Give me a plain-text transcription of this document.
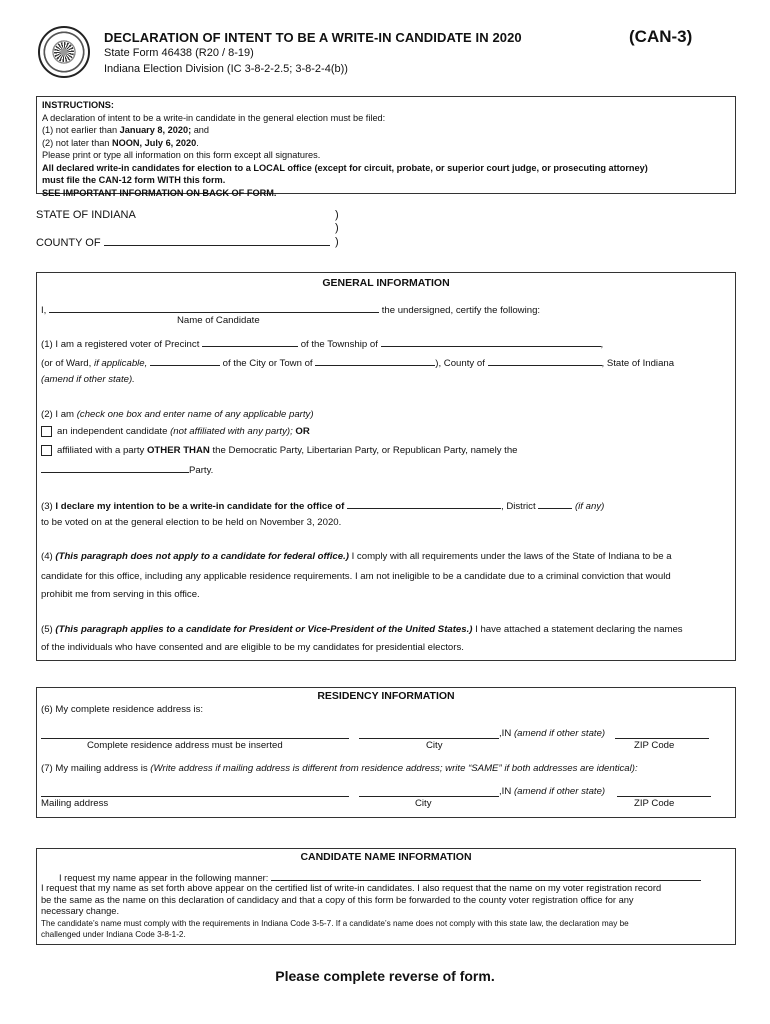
DECLARATION OF INTENT TO BE A WRITE-IN CANDIDATE IN 2020	(CAN-3)
State Form 46438 (R20 / 8-19)
Indiana Election Division (IC 3-8-2-2.5; 3-8-2-4(b))
INSTRUCTIONS:
A declaration of intent to be a write-in candidate in the general election must be filed:
(1) not earlier than January 8, 2020; and
(2) not later than NOON, July 6, 2020.
Please print or type all information on this form except all signatures.
All declared write-in candidates for election to a LOCAL office (except for circuit, probate, or superior court judge, or prosecuting attorney)
must file the CAN-12 form WITH this form.
SEE IMPORTANT INFORMATION ON BACK OF FORM.
STATE OF INDIANA	)
)
COUNTY OF	)
GENERAL INFORMATION
I,	the undersigned, certify the following:
Name of Candidate
(1) I am a registered voter of Precinct	of the Township of	,
(or of Ward, if applicable,	of the City or Town of	), County of	, State of Indiana
(amend if other state).
(2) I am (check one box and enter name of any applicable party)
an independent candidate (not affiliated with any party); OR
affiliated with a party OTHER THAN the Democratic Party, Libertarian Party, or Republican Party, namely the
Party.
(3) I declare my intention to be a write-in candidate for the office of	, District	(if any)
to be voted on at the general election to be held on November 3, 2020.
(4) (This paragraph does not apply to a candidate for federal office.) I comply with all requirements under the laws of the State of Indiana to be a
candidate for this office, including any applicable residence requirements. I am not ineligible to be a candidate due to a criminal conviction that would
prohibit me from serving in this office.
(5) (This paragraph applies to a candidate for President or Vice-President of the United States.) I have attached a statement declaring the names
of the individuals who have consented and are eligible to be my candidates for presidential electors.
RESIDENCY INFORMATION
(6) My complete residence address is:
,IN (amend if other state)
Complete residence address must be inserted	City	ZIP Code
(7) My mailing address is (Write address if mailing address is different from residence address; write “SAME” if both addresses are identical):
,IN (amend if other state)
Mailing address	City	ZIP Code
CANDIDATE NAME INFORMATION
I request my name appear in the following manner:
I request that my name as set forth above appear on the certified list of write-in candidates. I also request that the name on my voter registration record
be the same as the name on this declaration of candidacy and that a copy of this form be forwarded to the county voter registration office for any
necessary change.
The candidate’s name must comply with the requirements in Indiana Code 3-5-7. If a candidate’s name does not comply with this state law, the declaration may be
challenged under Indiana Code 3-8-1-2.
Please complete reverse of form.
